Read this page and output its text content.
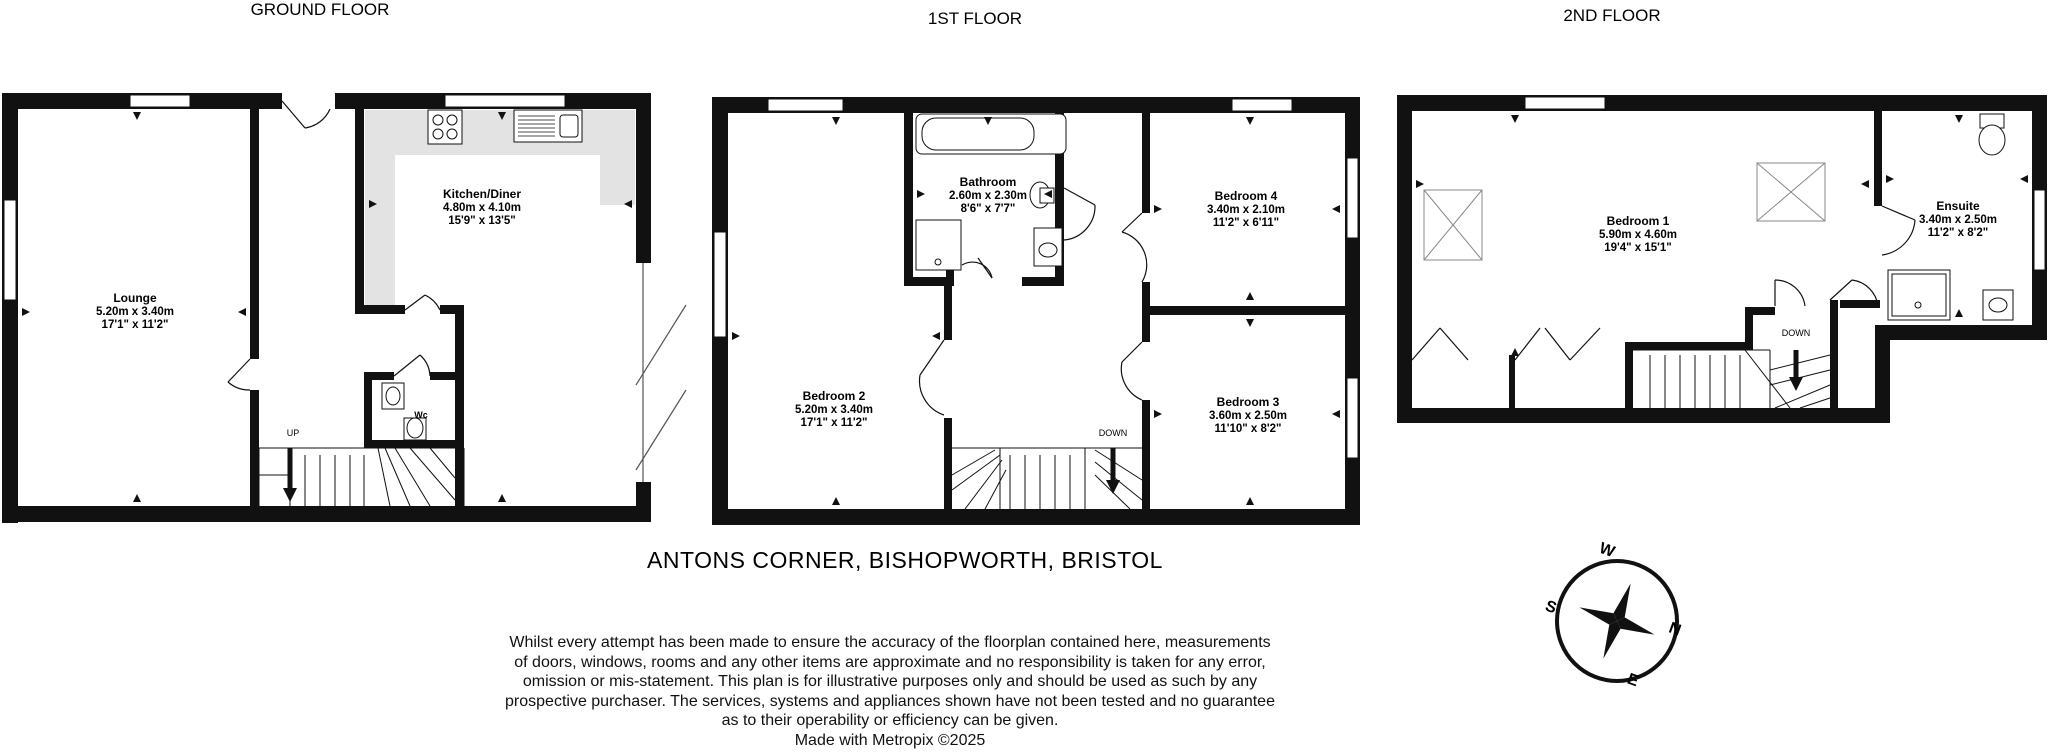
GROUND FLOOR	1ST FLOOR	2ND FLOOR
Lounge
5.20m x 3.40m
17'1" x 11'2"
Kitchen/Diner
4.80m x 4.10m
15'9" x 13'5"
Wc
UP
Bathroom
2.60m x 2.30m
8'6" x 7'7"
Bedroom 2
5.20m x 3.40m
17'1" x 11'2"
Bedroom 4
3.40m x 2.10m
11'2" x 6'11"
Bedroom 3
3.60m x 2.50m
11'10" x 8'2"
DOWN
Bedroom 1
5.90m x 4.60m
19'4" x 15'1"
Ensuite
3.40m x 2.50m
11'2" x 8'2"
DOWN
ANTONS CORNER, BISHOPWORTH, BRISTOL
N
S
W
E
Whilst every attempt has been made to ensure the accuracy of the floorplan contained here, measurements
of doors, windows, rooms and any other items are approximate and no responsibility is taken for any error,
omission or mis-statement. This plan is for illustrative purposes only and should be used as such by any
prospective purchaser. The services, systems and appliances shown have not been tested and no guarantee
as to their operability or efficiency can be given.
Made with Metropix ©2025
